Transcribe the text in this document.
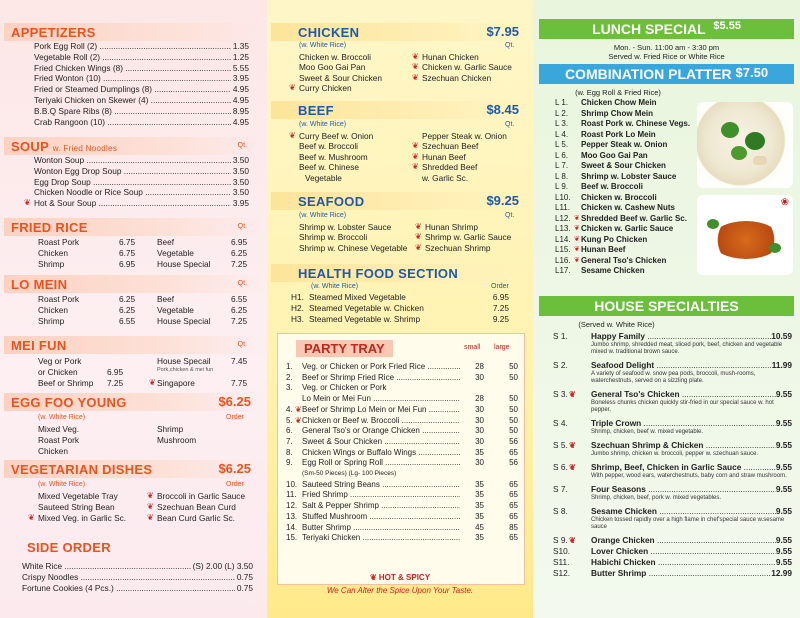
APPETIZERS
Pork Egg Roll (2) .....	1.35
Vegetable Roll (2) .....	1.25
Fried Chicken Wings (8) .....	5.55
Fried Wonton (10) .....	3.95
Fried or Steamed Dumplings (8) .....	4.95
Teriyaki Chicken on Skewer (4) .....	4.95
B.B.Q Spare Ribs (8) .....	8.95
Crab Rangoon (10) .....	4.95
SOUP w. Fried Noodles	Qt.
Wonton Soup .....	3.50
Wonton Egg Drop Soup .....	3.50
Egg Drop Soup .....	3.50
Chicken Noodle or Rice Soup .....	3.50
❦ Hot & Sour Soup .....	3.95
FRIED RICE	Qt.
Roast Pork	6.75	Beef	6.95
Chicken	6.75	Vegetable	6.25
Shrimp	6.95	House Special	7.25
LO MEIN	Qt.
Roast Pork	6.25	Beef	6.55
Chicken	6.25	Vegetable	6.25
Shrimp	6.55	House Special	7.25
MEI FUN	Qt.
Veg or Pork	House Specail 7.45
or Chicken	6.95	Pork,chicken & mei fun
Beef or Shrimp 7.25	❦ Singapore	7.75
EGG FOO YOUNG	$6.25
(w. White Rice)	Order
Mixed Veg.
Roast Pork
Chicken
Shrimp
Mushroom
VEGETARIAN DISHES	$6.25
(w. White Rice)	Order
Mixed Vegetable Tray
Sauteed String Bean
❦ Mixed Veg. in Garlic Sc.
❦ Broccoli in Garlic Sauce
❦ Szechuan Bean Curd
❦ Bean Curd Garlic Sc.
SIDE ORDER
White Rice .....	(S) 2.00 (L) 3.50
Crispy Noodles .....	0.75
Fortune Cookies (4 Pcs.) .....	0.75
CHICKEN	$7.95
(w. White Rice)	Qt.
Chicken w. Broccoli
Moo Goo Gai Pan
Sweet & Sour Chicken
❦ Curry Chicken
❦ Hunan Chicken
❦ Chicken w. Garlic Sauce
❦ Szechuan Chicken
BEEF	$8.45
(w. White Rice)	Qt.
❦ Curry Beef w. Onion
Beef w. Broccoli
Beef w. Mushroom
Beef w. Chinese
Vegetable
Pepper Steak w. Onion
❦ Szechuan Beef
❦ Hunan Beef
❦ Shredded Beef
w. Garlic Sc.
SEAFOOD	$9.25
(w. White Rice)	Qt.
Shrimp w. Lobster Sauce
Shrimp w. Broccoli
Shrimp w. Chinese Vegetable
❦ Hunan Shrimp
❦ Shrimp w. Garlic Sauce
❦ Szechuan Shrimp
HEALTH FOOD SECTION
(w. White Rice)	Order
H1. Steamed Mixed Vegetable	6.95
H2. Steamed Vegetable w. Chicken	7.25
H3. Steamed Vegetable w. Shrimp	9.25
PARTY TRAY	small large
1.	Veg. or Chicken or Pork Fried Rice .....	28	50
2.	Beef or Shrimp Fried Rice .....	30	50
3.	Veg. or Chicken or Pork
Lo Mein or Mei Fun .....	28	50
❦
4.	Beef or Shrimp Lo Mein or Mei Fun .....	30	50
❦
5.	Chicken or Beef w. Broccoli .....	30	50
6.	General Tso's or Orange Chicken .....	30	50
7.	Sweet & Sour Chicken .....	30	56
8.	Chicken Wings or Buffalo Wings .....	35	65
9.	Egg Roll or Spring Roll .....	30	56
(Sm-50 Pieces) (Lg- 100 Pieces)
10. Sauteed String Beans .....	35	65
11. Fried Shrimp .....	35	65
12. Salt & Pepper Shrimp .....	35	65
13. Stuffed Mushroom .....	35	65
14. Butter Shrimp .....	45	85
15. Teriyaki Chicken .....	35	65
❦ HOT & SPICY
We Can Alter the Spice Upon Your Taste.
LUNCH SPECIAL
$5.55
Mon. - Sun. 11:00 am - 3:30 pm
Served w. Fried Rice or White Rice
COMBINATION PLATTER
$7.50
(w. Egg Roll & Fried Rice)
L 1.	Chicken Chow Mein
L 2.	Shrimp Chow Mein
L 3.	Roast Pork w. Chinese Vegs.
L 4.	Roast Pork Lo Mein
L 5.	Pepper Steak w. Onion
L 6.	Moo Goo Gai Pan
L 7.	Sweet & Sour Chicken
L 8.	Shrimp w. Lobster Sauce
L 9.	Beef w. Broccoli
L10.	Chicken w. Broccoli
L11.	Chicken w. Cashew Nuts
❦
L12.	Shredded Beef w. Garlic Sc.
❦
L13.	Chicken w. Garlic Sauce
❦
L14.	Kung Po Chicken
❦
L15.	Hunan Beef
❦
L16.	General Tso's Chicken
L17.	Sesame Chicken
❀
HOUSE SPECIALTIES
(Served w. White Rice)
S 1.	Happy Family .....	10.59
Jumbo shrimp, shredded meat, sliced pork, beef, chicken and vegetable mixed w. traditional brown sauce.
S 2.	Seafood Delight .....	11.99
A variety of seafood w. snow pea pods, broccoli, mush-rooms, waterchestnuts, served on a sizzling plate.
❦
S 3.	General Tso's Chicken .....	9.55
Boneless chunks chicken quickly stir-fried in our special sauce w. hot pepper.
S 4.	Triple Crown .....	9.55
Shrimp, chicken, beef w. mixed vegetable.
❦
S 5.	Szechuan Shrimp & Chicken .....	9.55
Jumbo shrimp, chicken w. broccoli, pepper w. szechuan sauce.
❦
S 6.	Shrimp, Beef, Chicken in Garlic Sauce .....	9.55
With pepper, wood ears, waterchestnuts, baby corn and straw mushroom.
S 7.	Four Seasons .....	9.55
Shrimp, chicken, beef, pork w. mixed vegetables.
S 8.	Sesame Chicken .....	9.55
Chicken tossed rapidly over a high flame in chef'special sauce w.sesame sauce
❦
S 9.	Orange Chicken .....	9.55
S10.	Lover Chicken .....	9.55
S11.	Habichi Chicken .....	9.55
S12.	Butter Shrimp .....	12.99
